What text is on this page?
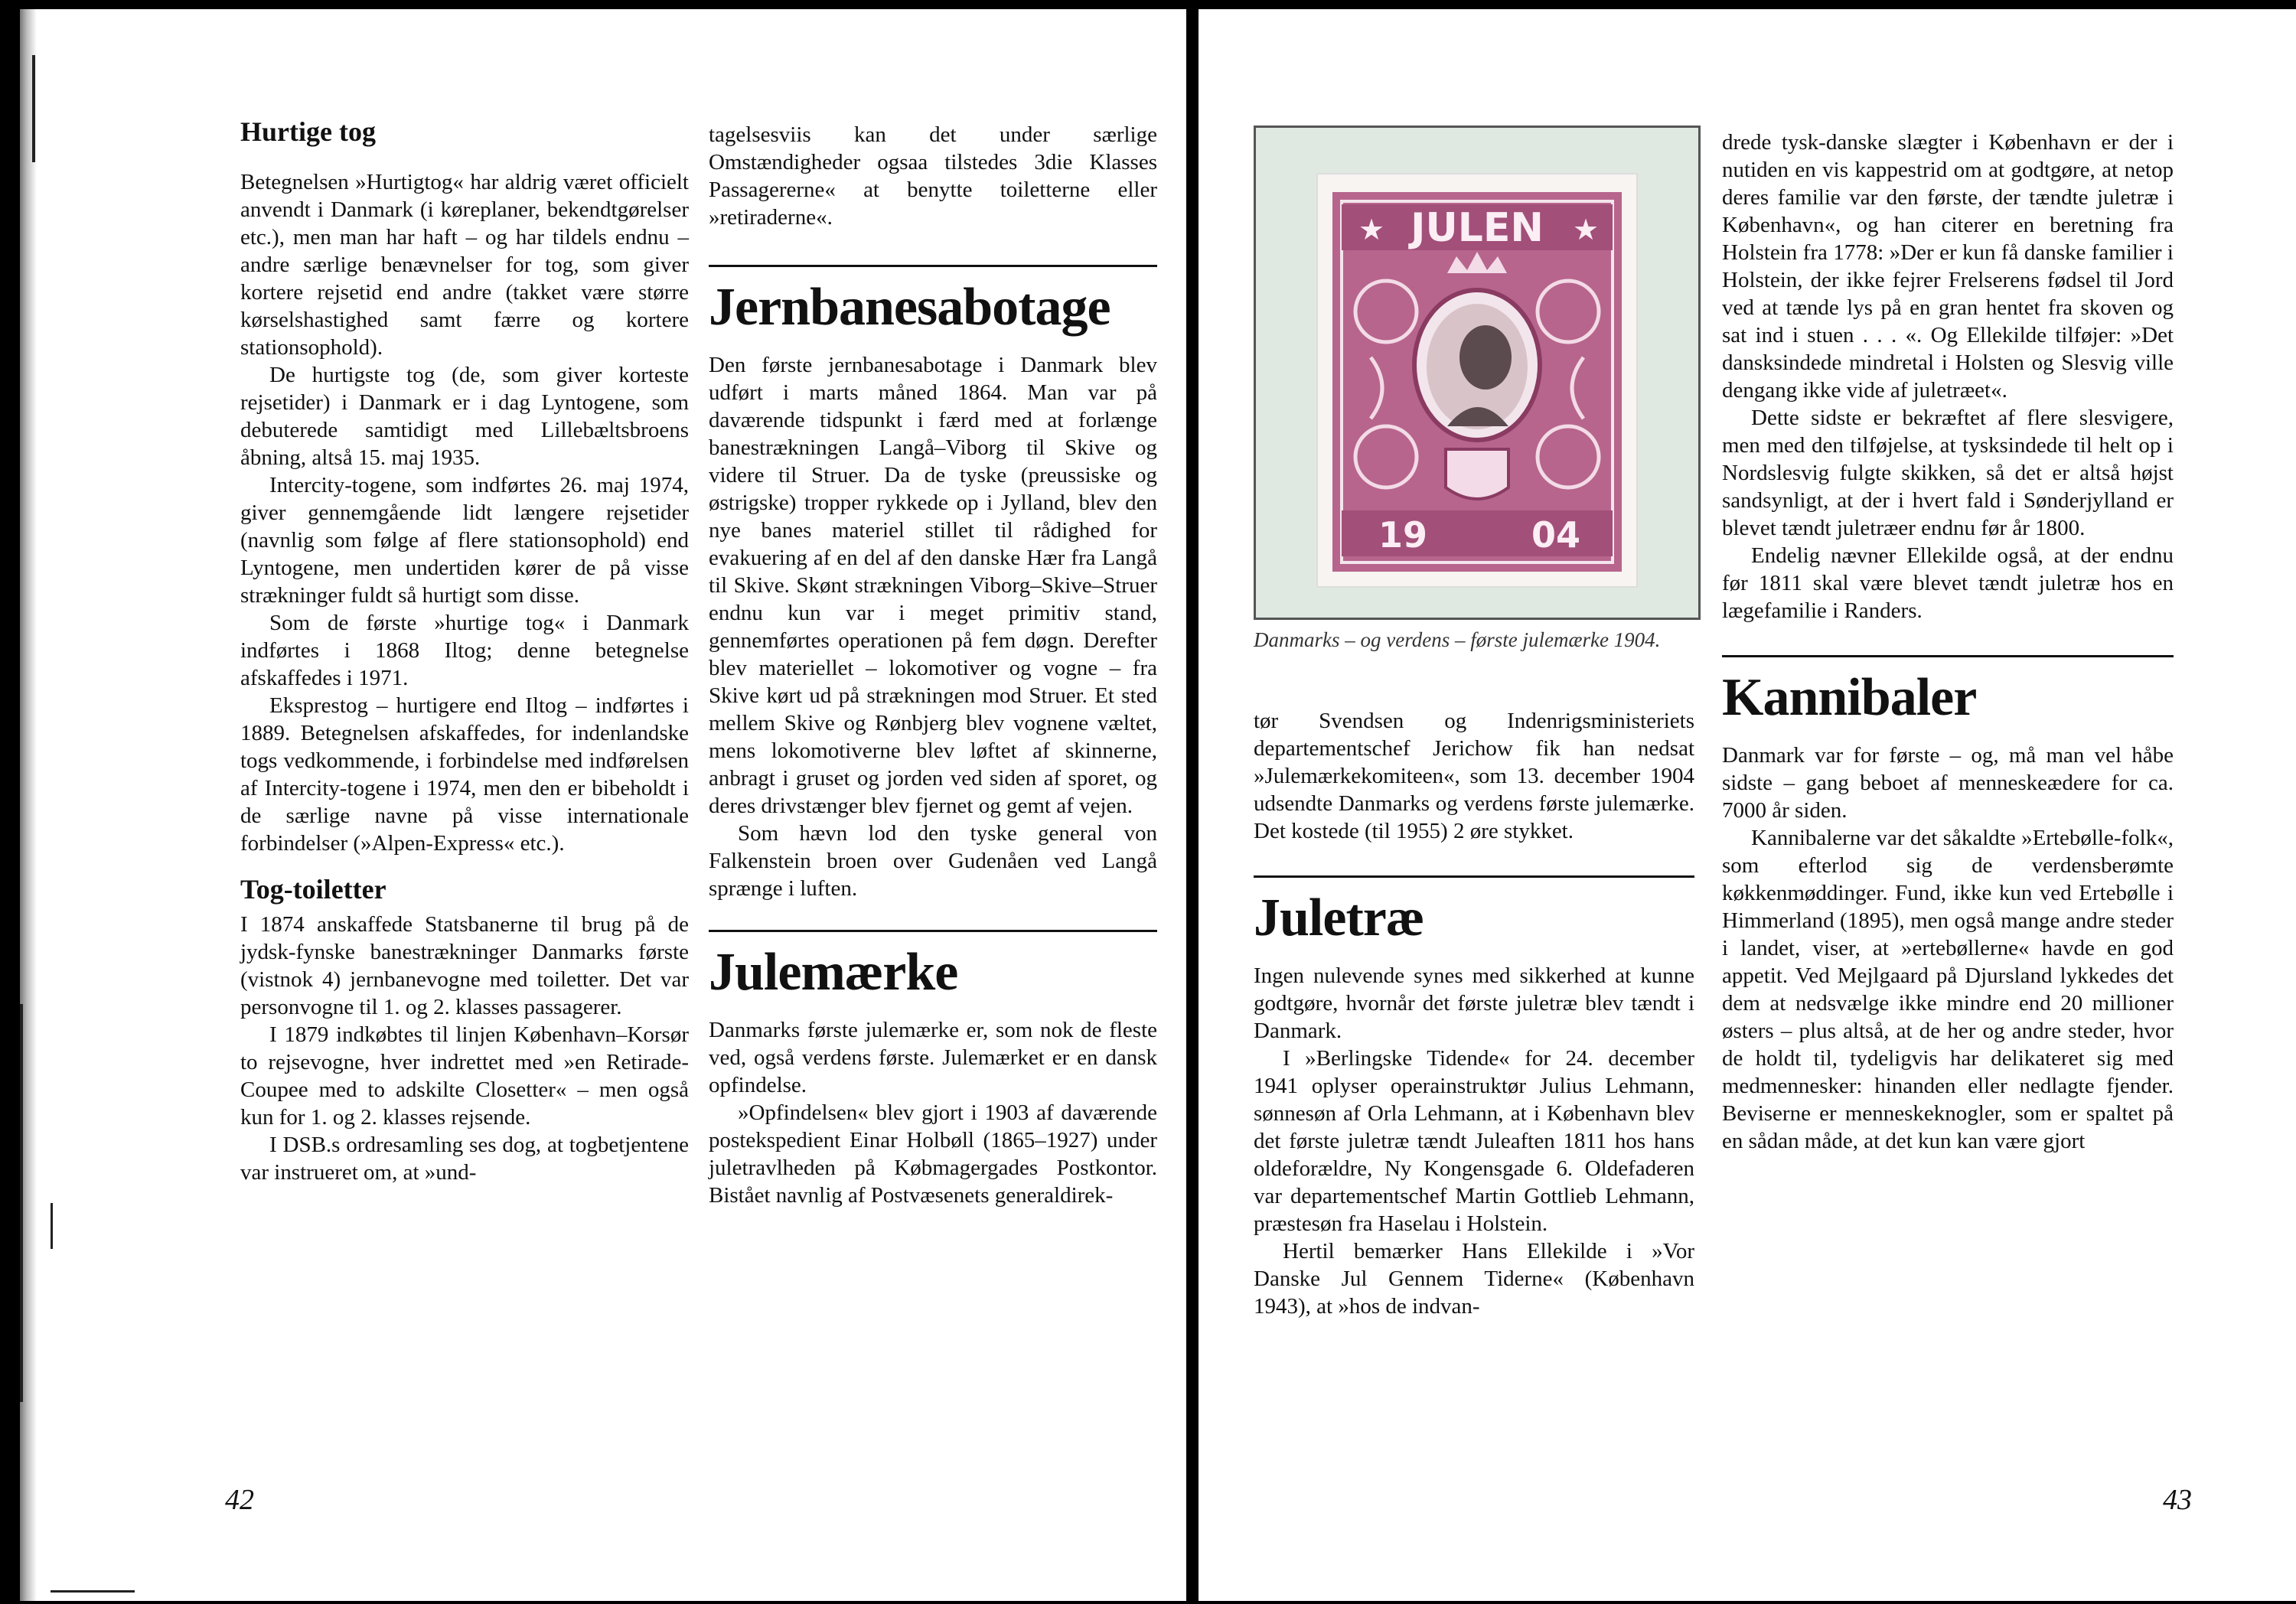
Hurtige tog

Betegnelsen »Hurtigtog« har aldrig været officielt anvendt i Danmark (i køreplaner, bekendtgørelser etc.), men man har haft – og har tildels endnu – andre særlige benævnelser for tog, som giver kortere rejsetid end andre (takket være større kørselshastighed samt færre og kortere stationsophold).

De hurtigste tog (de, som giver korteste rejsetider) i Danmark er i dag Lyntogene, som debuterede samtidigt med Lillebæltsbroens åbning, altså 15. maj 1935.

Intercity-togene, som indførtes 26. maj 1974, giver gennemgående lidt længere rejsetider (navnlig som følge af flere stationsophold) end Lyntogene, men undertiden kører de på visse strækninger fuldt så hurtigt som disse.

Som de første »hurtige tog« i Danmark indførtes i 1868 Iltog; denne betegnelse afskaffedes i 1971.

Eksprestog – hurtigere end Iltog – indførtes i 1889. Betegnelsen afskaffedes, for indenlandske togs vedkommende, i forbindelse med indførelsen af Intercity-togene i 1974, men den er bibeholdt i de særlige navne på visse internationale forbindelser (»Alpen-Express« etc.).

Tog-toiletter

I 1874 anskaffede Statsbanerne til brug på de jydsk-fynske banestrækninger Danmarks første (vistnok 4) jernbanevogne med toiletter. Det var personvogne til 1. og 2. klasses passagerer.

I 1879 indkøbtes til linjen København–Korsør to rejsevogne, hver indrettet med »en Retirade-Coupee med to adskilte Closetter« – men også kun for 1. og 2. klasses rejsende.

I DSB.s ordresamling ses dog, at togbetjentene var instrueret om, at »und-

tagelsesviis kan det under særlige Omstændigheder ogsaa tilstedes 3die Klasses Passagererne« at benytte toiletterne eller »retiraderne«.

Jernbanesabotage

Den første jernbanesabotage i Danmark blev udført i marts måned 1864. Man var på daværende tidspunkt i færd med at forlænge banestrækningen Langå–Viborg til Skive og videre til Struer. Da de tyske (preussiske og østrigske) tropper rykkede op i Jylland, blev den nye banes materiel stillet til rådighed for evakuering af en del af den danske Hær fra Langå til Skive. Skønt strækningen Viborg–Skive–Struer endnu kun var i meget primitiv stand, gennemførtes operationen på fem døgn. Derefter blev materiellet – lokomotiver og vogne – fra Skive kørt ud på strækningen mod Struer. Et sted mellem Skive og Rønbjerg blev vognene væltet, mens lokomotiverne blev løftet af skinnerne, anbragt i gruset og jorden ved siden af sporet, og deres drivstænger blev fjernet og gemt af vejen.

Som hævn lod den tyske general von Falkenstein broen over Gudenåen ved Langå sprænge i luften.

Julemærke

Danmarks første julemærke er, som nok de fleste ved, også verdens første. Julemærket er en dansk opfindelse.

»Opfindelsen« blev gjort i 1903 af daværende postekspedient Einar Holbøll (1865–1927) under juletravlheden på Købmagergades Postkontor. Bistået navnlig af Postvæsenets generaldirek-

42
JULEN
★	★
19	04
Danmarks – og verdens – første julemærke 1904.

tør Svendsen og Indenrigsministeriets departementschef Jerichow fik han nedsat »Julemærkekomiteen«, som 13. december 1904 udsendte Danmarks og verdens første julemærke. Det kostede (til 1955) 2 øre stykket.

Juletræ

Ingen nulevende synes med sikkerhed at kunne godtgøre, hvornår det første juletræ blev tændt i Danmark.

I »Berlingske Tidende« for 24. december 1941 oplyser operainstruktør Julius Lehmann, sønnesøn af Orla Lehmann, at i København blev det første juletræ tændt Juleaften 1811 hos hans oldeforældre, Ny Kongensgade 6. Oldefaderen var departementschef Martin Gottlieb Lehmann, præstesøn fra Haselau i Holstein.

Hertil bemærker Hans Ellekilde i »Vor Danske Jul Gennem Tiderne« (København 1943), at »hos de indvan-

drede tysk-danske slægter i København er der i nutiden en vis kappestrid om at godtgøre, at netop deres familie var den første, der tændte juletræ i København«, og han citerer en beretning fra Holstein fra 1778: »Der er kun få danske familier i Holstein, der ikke fejrer Frelserens fødsel til Jord ved at tænde lys på en gran hentet fra skoven og sat ind i stuen . . . «. Og Ellekilde tilføjer: »Det dansksindede mindretal i Holsten og Slesvig ville dengang ikke vide af juletræet«.

Dette sidste er bekræftet af flere slesvigere, men med den tilføjelse, at tysksindede til helt op i Nordslesvig fulgte skikken, så det er altså højst sandsynligt, at der i hvert fald i Sønderjylland er blevet tændt juletræer endnu før år 1800.

Endelig nævner Ellekilde også, at der endnu før 1811 skal være blevet tændt juletræ hos en lægefamilie i Randers.

Kannibaler

Danmark var for første – og, må man vel håbe sidste – gang beboet af menneskeædere for ca. 7000 år siden.

Kannibalerne var det såkaldte »Ertebølle-folk«, som efterlod sig de verdensberømte køkkenmøddinger. Fund, ikke kun ved Ertebølle i Himmerland (1895), men også mange andre steder i landet, viser, at »ertebøllerne« havde en god appetit. Ved Mejlgaard på Djursland lykkedes det dem at nedsvælge ikke mindre end 20 millioner østers – plus altså, at de her og andre steder, hvor de holdt til, tydeligvis har delikateret sig med medmennesker: hinanden eller nedlagte fjender. Beviserne er menneskeknogler, som er spaltet på en sådan måde, at det kun kan være gjort

43
